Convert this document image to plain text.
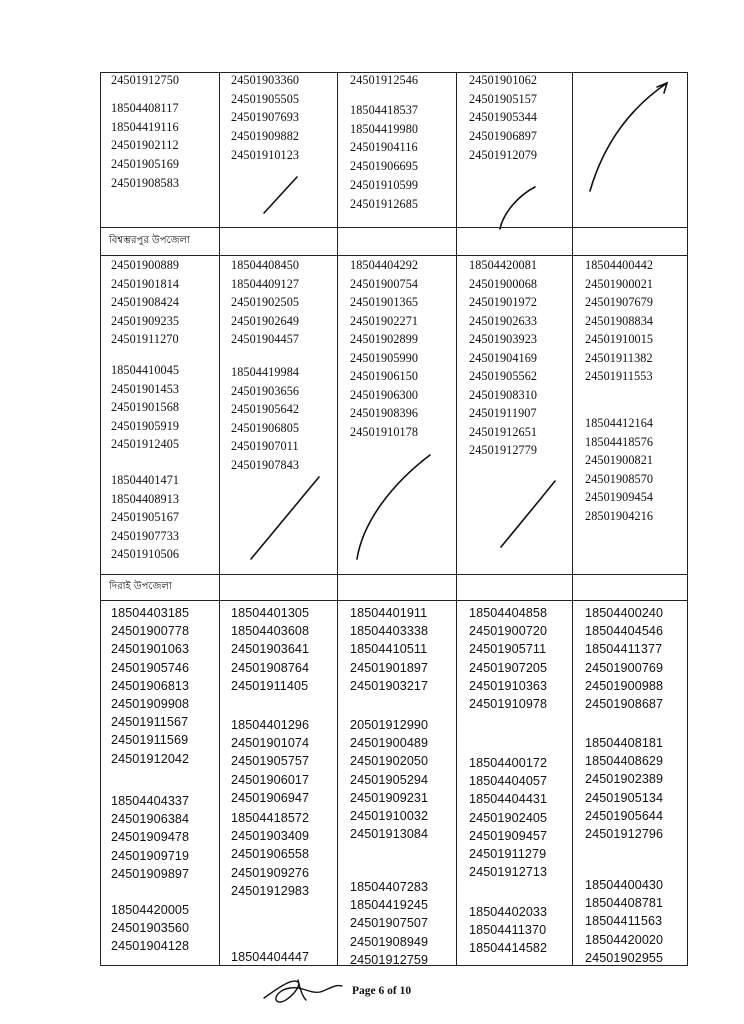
বিশ্বম্ভরপুর উপজেলা
দিরাই উপজেলা
24501912750
18504408117
18504419116
24501902112
24501905169
24501908583
24501903360
24501905505
24501907693
24501909882
24501910123
24501912546
18504418537
18504419980
24501904116
24501906695
24501910599
24501912685
24501901062
24501905157
24501905344
24501906897
24501912079
24501900889
24501901814
24501908424
24501909235
24501911270
18504410045
24501901453
24501901568
24501905919
24501912405
18504401471
18504408913
24501905167
24501907733
24501910506
18504408450
18504409127
24501902505
24501902649
24501904457
18504419984
24501903656
24501905642
24501906805
24501907011
24501907843
18504404292
24501900754
24501901365
24501902271
24501902899
24501905990
24501906150
24501906300
24501908396
24501910178
18504420081
24501900068
24501901972
24501902633
24501903923
24501904169
24501905562
24501908310
24501911907
24501912651
24501912779
18504400442
24501900021
24501907679
24501908834
24501910015
24501911382
24501911553
18504412164
18504418576
24501900821
24501908570
24501909454
28501904216
18504403185
24501900778
24501901063
24501905746
24501906813
24501909908
24501911567
24501911569
24501912042
18504404337
24501906384
24501909478
24501909719
24501909897
18504420005
24501903560
24501904128
18504401305
18504403608
24501903641
24501908764
24501911405
18504401296
24501901074
24501905757
24501906017
24501906947
18504418572
24501903409
24501906558
24501909276
24501912983
18504404447
18504401911
18504403338
18504410511
24501901897
24501903217
20501912990
24501900489
24501902050
24501905294
24501909231
24501910032
24501913084
18504407283
18504419245
24501907507
24501908949
24501912759
18504404858
24501900720
24501905711
24501907205
24501910363
24501910978
18504400172
18504404057
18504404431
24501902405
24501909457
24501911279
24501912713
18504402033
18504411370
18504414582
18504400240
18504404546
18504411377
24501900769
24501900988
24501908687
18504408181
18504408629
24501902389
24501905134
24501905644
24501912796
18504400430
18504408781
18504411563
18504420020
24501902955
Page 6 of 10
